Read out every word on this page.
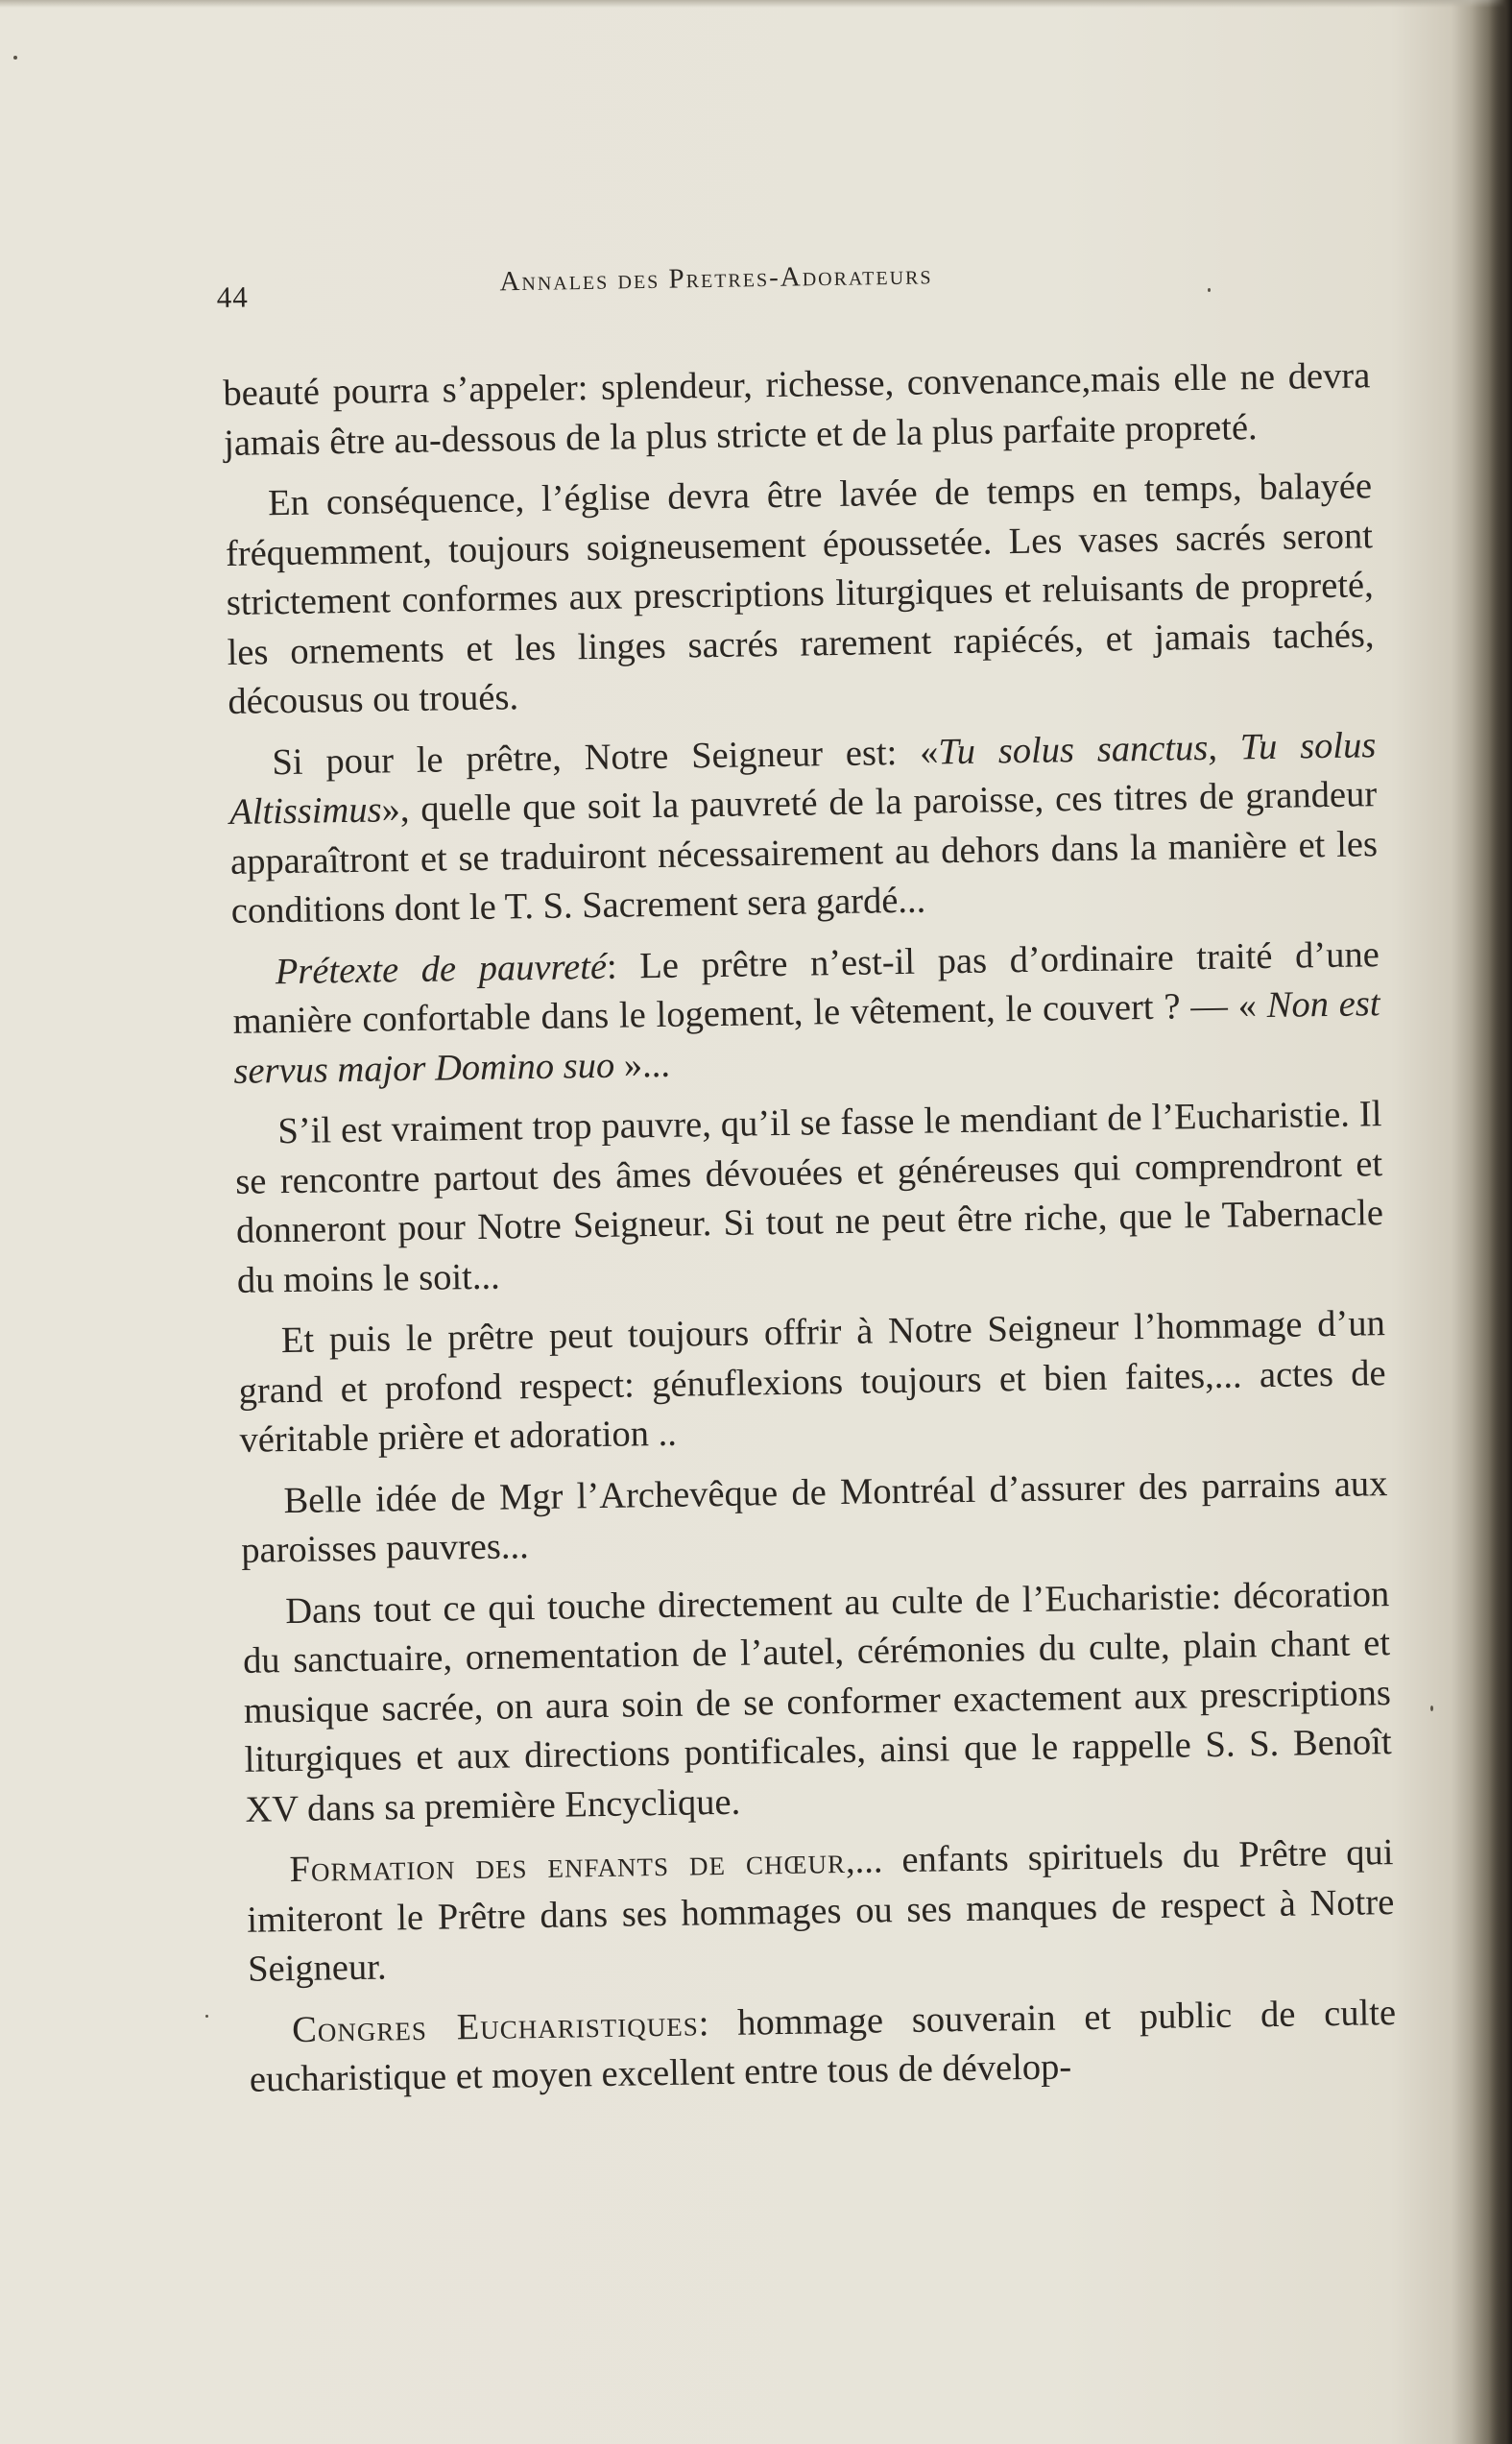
44	Annales des Pretres-Adorateurs

beauté pourra s’appeler: splendeur, richesse, convenance,mais elle ne devra jamais être au-dessous de la plus stricte et de la plus parfaite propreté.

En conséquence, l’église devra être lavée de temps en temps, balayée fréquemment, toujours soigneusement époussetée. Les vases sacrés seront strictement conformes aux prescriptions liturgiques et reluisants de propreté, les ornements et les linges sacrés rarement rapiécés, et jamais tachés, décousus ou troués.

Si pour le prêtre, Notre Seigneur est: «Tu solus sanctus, Tu solus Altissimus», quelle que soit la pauvreté de la paroisse, ces titres de grandeur apparaîtront et se traduiront nécessairement au dehors dans la manière et les conditions dont le T. S. Sacrement sera gardé...

Prétexte de pauvreté: Le prêtre n’est-il pas d’ordinaire traité d’une manière confortable dans le logement, le vêtement, le couvert ? — « Non est servus major Domino suo »...

S’il est vraiment trop pauvre, qu’il se fasse le mendiant de l’Eucharistie. Il se rencontre partout des âmes dévouées et généreuses qui comprendront et donneront pour Notre Seigneur. Si tout ne peut être riche, que le Tabernacle du moins le soit...

Et puis le prêtre peut toujours offrir à Notre Seigneur l’hommage d’un grand et profond respect: génuflexions toujours et bien faites,... actes de véritable prière et adoration ..

Belle idée de Mgr l’Archevêque de Montréal d’assurer des parrains aux paroisses pauvres...

Dans tout ce qui touche directement au culte de l’Eucharistie: décoration du sanctuaire, ornementation de l’autel, cérémonies du culte, plain chant et musique sacrée, on aura soin de se conformer exactement aux prescriptions liturgiques et aux directions pontificales, ainsi que le rappelle S. S. Benoît XV dans sa première Encyclique.

Formation des enfants de chœur,... enfants spirituels du Prêtre qui imiteront le Prêtre dans ses hommages ou ses manques de respect à Notre Seigneur.

Congres Eucharistiques: hommage souverain et public de culte eucharistique et moyen excellent entre tous de dévelop-
